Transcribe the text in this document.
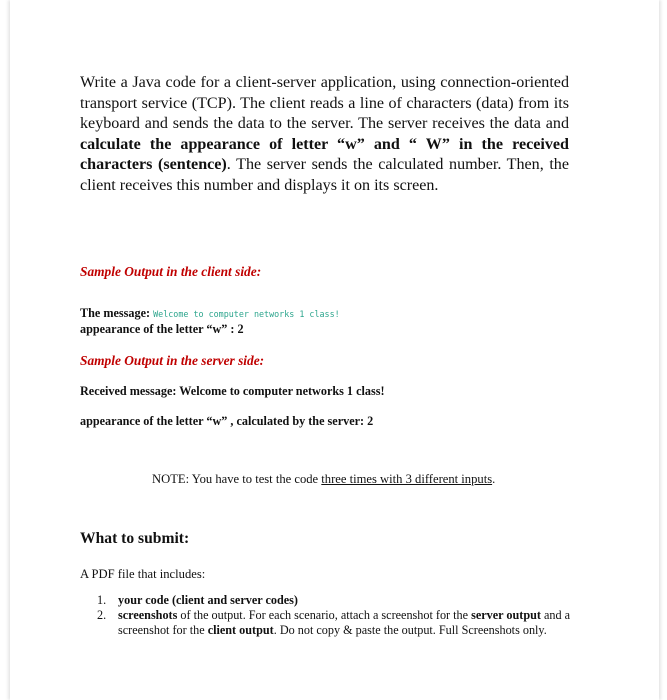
Write a Java code for a client-server application, using connection-oriented transport service (TCP). The client reads a line of characters (data) from its keyboard and sends the data to the server. The server receives the data and calculate the appearance of letter “w” and “ W” in the received characters (sentence). The server sends the calculated number. Then, the client receives this number and displays it on its screen.

Sample Output in the client side:

The message: Welcome to computer networks 1 class!

appearance of the letter “w” : 2

Sample Output in the server side:

Received message: Welcome to computer networks 1 class!

appearance of the letter “w” , calculated by the server: 2

NOTE: You have to test the code three times with 3 different inputs.

What to submit:

A PDF file that includes:

1. your code (client and server codes)
2. screenshots of the output. For each scenario, attach a screenshot for the server output and a screenshot for the client output. Do not copy & paste the output. Full Screenshots only.
